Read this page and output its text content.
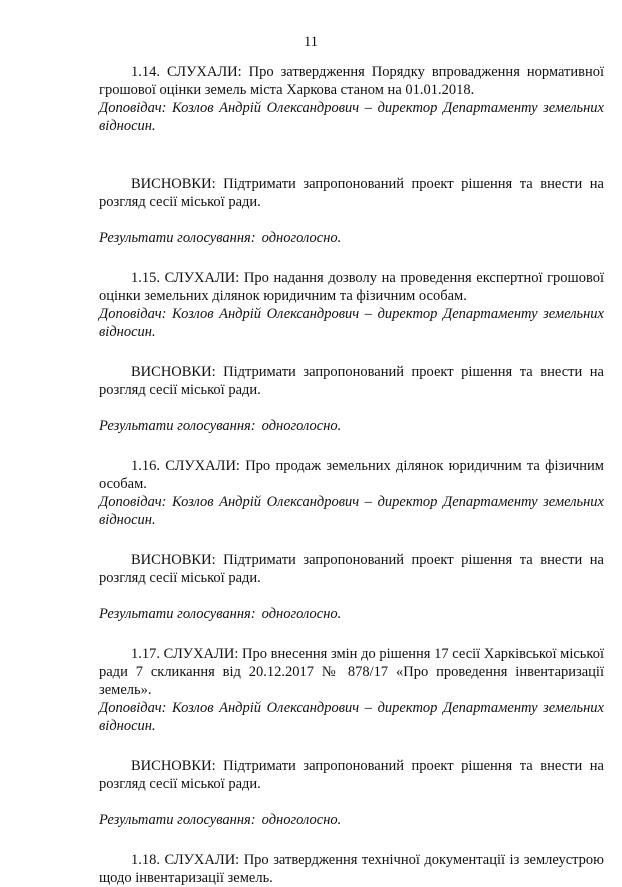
11

1.14. СЛУХАЛИ: Про затвердження Порядку впровадження нормативної грошової оцінки земель міста Харкова станом на 01.01.2018.

Доповідач: Козлов Андрій Олександрович – директор Департаменту земельних відносин.

ВИСНОВКИ: Підтримати запропонований проект рішення та внести на розгляд сесії міської ради.

Результати голосування: одноголосно.

1.15. СЛУХАЛИ: Про надання дозволу на проведення експертної грошової оцінки земельних ділянок юридичним та фізичним особам.

Доповідач: Козлов Андрій Олександрович – директор Департаменту земельних відносин.

ВИСНОВКИ: Підтримати запропонований проект рішення та внести на розгляд сесії міської ради.

Результати голосування: одноголосно.

1.16. СЛУХАЛИ: Про продаж земельних ділянок юридичним та фізичним особам.

Доповідач: Козлов Андрій Олександрович – директор Департаменту земельних відносин.

ВИСНОВКИ: Підтримати запропонований проект рішення та внести на розгляд сесії міської ради.

Результати голосування: одноголосно.

1.17. СЛУХАЛИ: Про внесення змін до рішення 17 сесії Харківської міської ради 7 скликання від 20.12.2017 № 878/17 «Про проведення інвентаризації земель».

Доповідач: Козлов Андрій Олександрович – директор Департаменту земельних відносин.

ВИСНОВКИ: Підтримати запропонований проект рішення та внести на розгляд сесії міської ради.

Результати голосування: одноголосно.

1.18. СЛУХАЛИ: Про затвердження технічної документації із землеустрою щодо інвентаризації земель.
